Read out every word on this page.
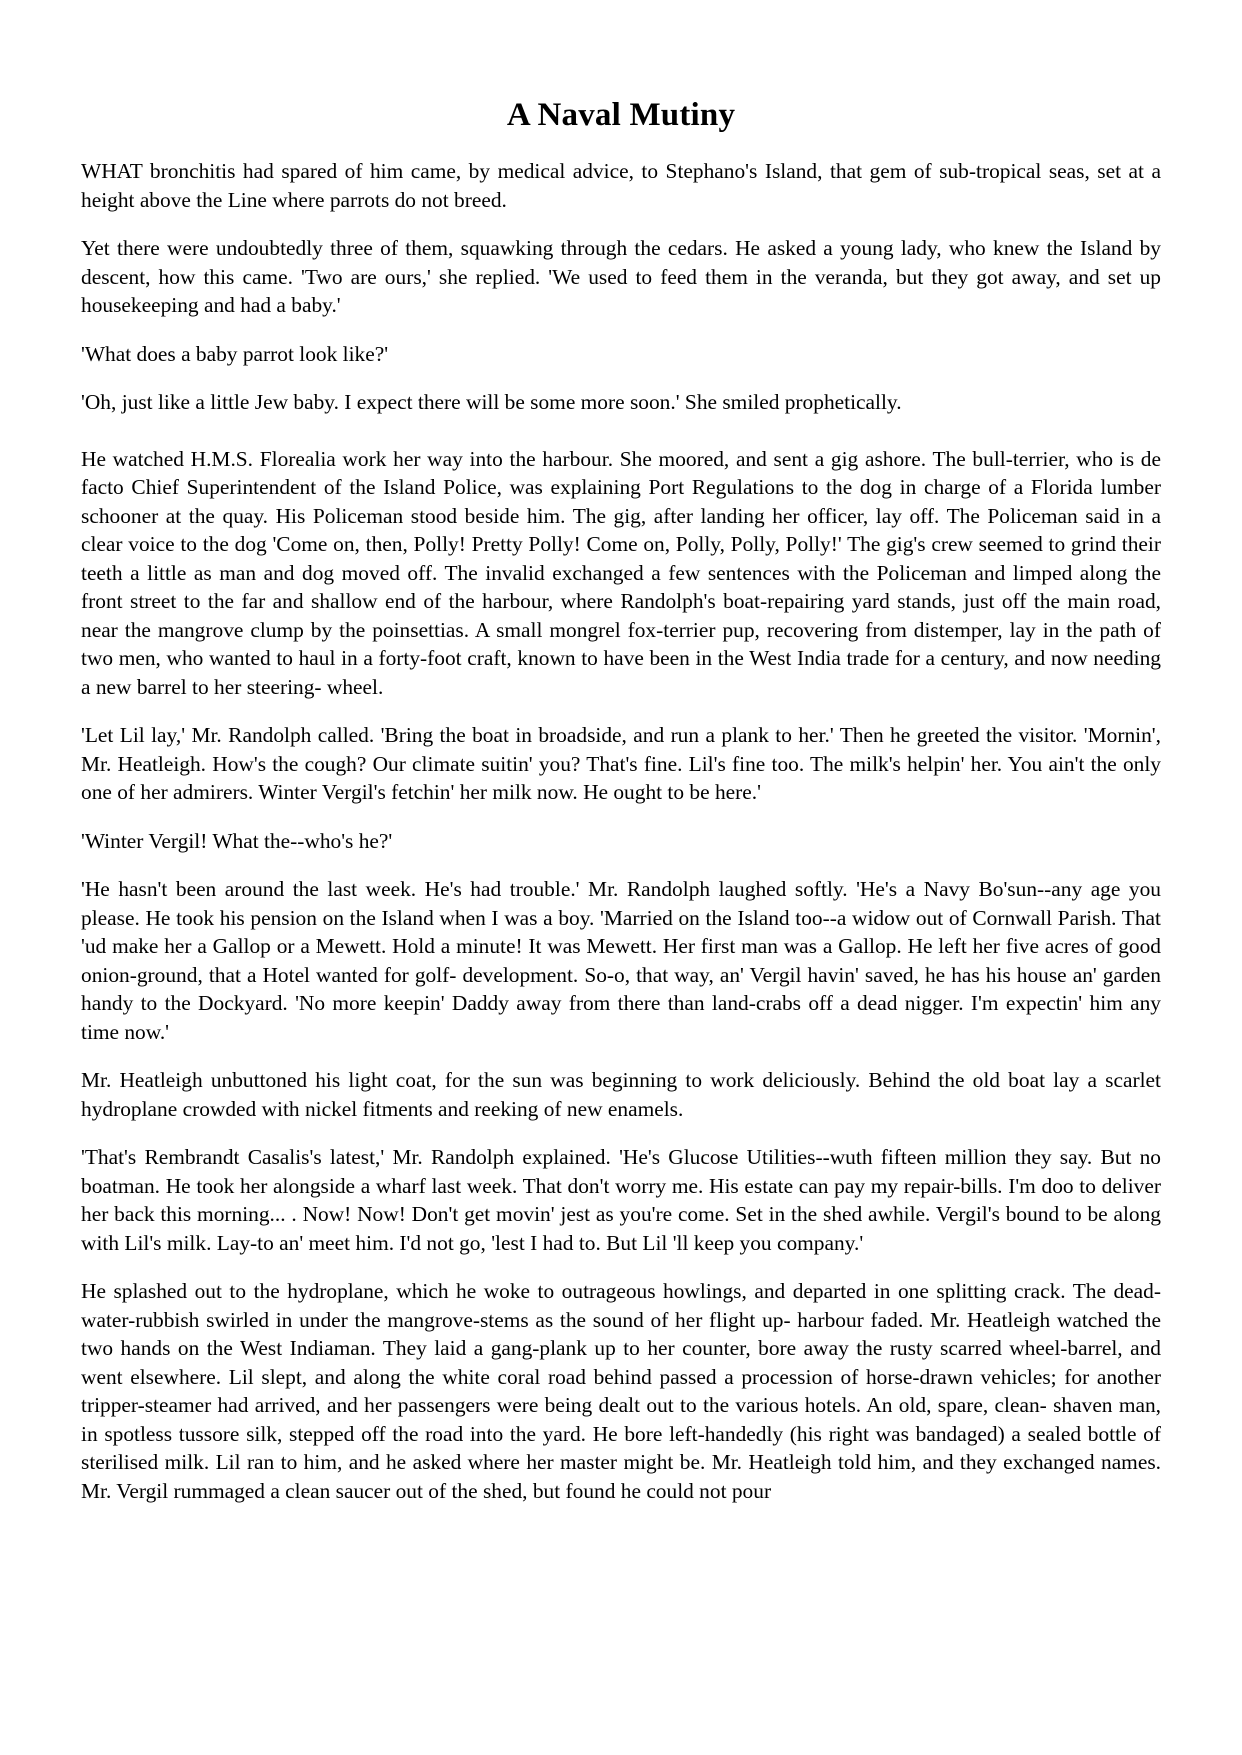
A Naval Mutiny

WHAT bronchitis had spared of him came, by medical advice, to Stephano's Island, that gem of sub-tropical seas, set at a height above the Line where parrots do not breed.

Yet there were undoubtedly three of them, squawking through the cedars. He asked a young lady, who knew the Island by descent, how this came. 'Two are ours,' she replied. 'We used to feed them in the veranda, but they got away, and set up housekeeping and had a baby.'

'What does a baby parrot look like?'

'Oh, just like a little Jew baby. I expect there will be some more soon.' She smiled prophetically.

He watched H.M.S. Florealia work her way into the harbour. She moored, and sent a gig ashore. The bull-terrier, who is de facto Chief Superintendent of the Island Police, was explaining Port Regulations to the dog in charge of a Florida lumber schooner at the quay. His Policeman stood beside him. The gig, after landing her officer, lay off. The Policeman said in a clear voice to the dog 'Come on, then, Polly! Pretty Polly! Come on, Polly, Polly, Polly!' The gig's crew seemed to grind their teeth a little as man and dog moved off. The invalid exchanged a few sentences with the Policeman and limped along the front street to the far and shallow end of the harbour, where Randolph's boat-repairing yard stands, just off the main road, near the mangrove clump by the poinsettias. A small mongrel fox-terrier pup, recovering from distemper, lay in the path of two men, who wanted to haul in a forty-foot craft, known to have been in the West India trade for a century, and now needing a new barrel to her steering- wheel.

'Let Lil lay,' Mr. Randolph called. 'Bring the boat in broadside, and run a plank to her.' Then he greeted the visitor. 'Mornin', Mr. Heatleigh. How's the cough? Our climate suitin' you? That's fine. Lil's fine too. The milk's helpin' her. You ain't the only one of her admirers. Winter Vergil's fetchin' her milk now. He ought to be here.'

'Winter Vergil! What the--who's he?'

'He hasn't been around the last week. He's had trouble.' Mr. Randolph laughed softly. 'He's a Navy Bo'sun--any age you please. He took his pension on the Island when I was a boy. 'Married on the Island too--a widow out of Cornwall Parish. That 'ud make her a Gallop or a Mewett. Hold a minute! It was Mewett. Her first man was a Gallop. He left her five acres of good onion-ground, that a Hotel wanted for golf- development. So-o, that way, an' Vergil havin' saved, he has his house an' garden handy to the Dockyard. 'No more keepin' Daddy away from there than land-crabs off a dead nigger. I'm expectin' him any time now.'

Mr. Heatleigh unbuttoned his light coat, for the sun was beginning to work deliciously. Behind the old boat lay a scarlet hydroplane crowded with nickel fitments and reeking of new enamels.

'That's Rembrandt Casalis's latest,' Mr. Randolph explained. 'He's Glucose Utilities--wuth fifteen million they say. But no boatman. He took her alongside a wharf last week. That don't worry me. His estate can pay my repair-bills. I'm doo to deliver her back this morning... . Now! Now! Don't get movin' jest as you're come. Set in the shed awhile. Vergil's bound to be along with Lil's milk. Lay-to an' meet him. I'd not go, 'lest I had to. But Lil 'll keep you company.'

He splashed out to the hydroplane, which he woke to outrageous howlings, and departed in one splitting crack. The dead-water-rubbish swirled in under the mangrove-stems as the sound of her flight up- harbour faded. Mr. Heatleigh watched the two hands on the West Indiaman. They laid a gang-plank up to her counter, bore away the rusty scarred wheel-barrel, and went elsewhere. Lil slept, and along the white coral road behind passed a procession of horse-drawn vehicles; for another tripper-steamer had arrived, and her passengers were being dealt out to the various hotels. An old, spare, clean- shaven man, in spotless tussore silk, stepped off the road into the yard. He bore left-handedly (his right was bandaged) a sealed bottle of sterilised milk. Lil ran to him, and he asked where her master might be. Mr. Heatleigh told him, and they exchanged names. Mr. Vergil rummaged a clean saucer out of the shed, but found he could not pour
